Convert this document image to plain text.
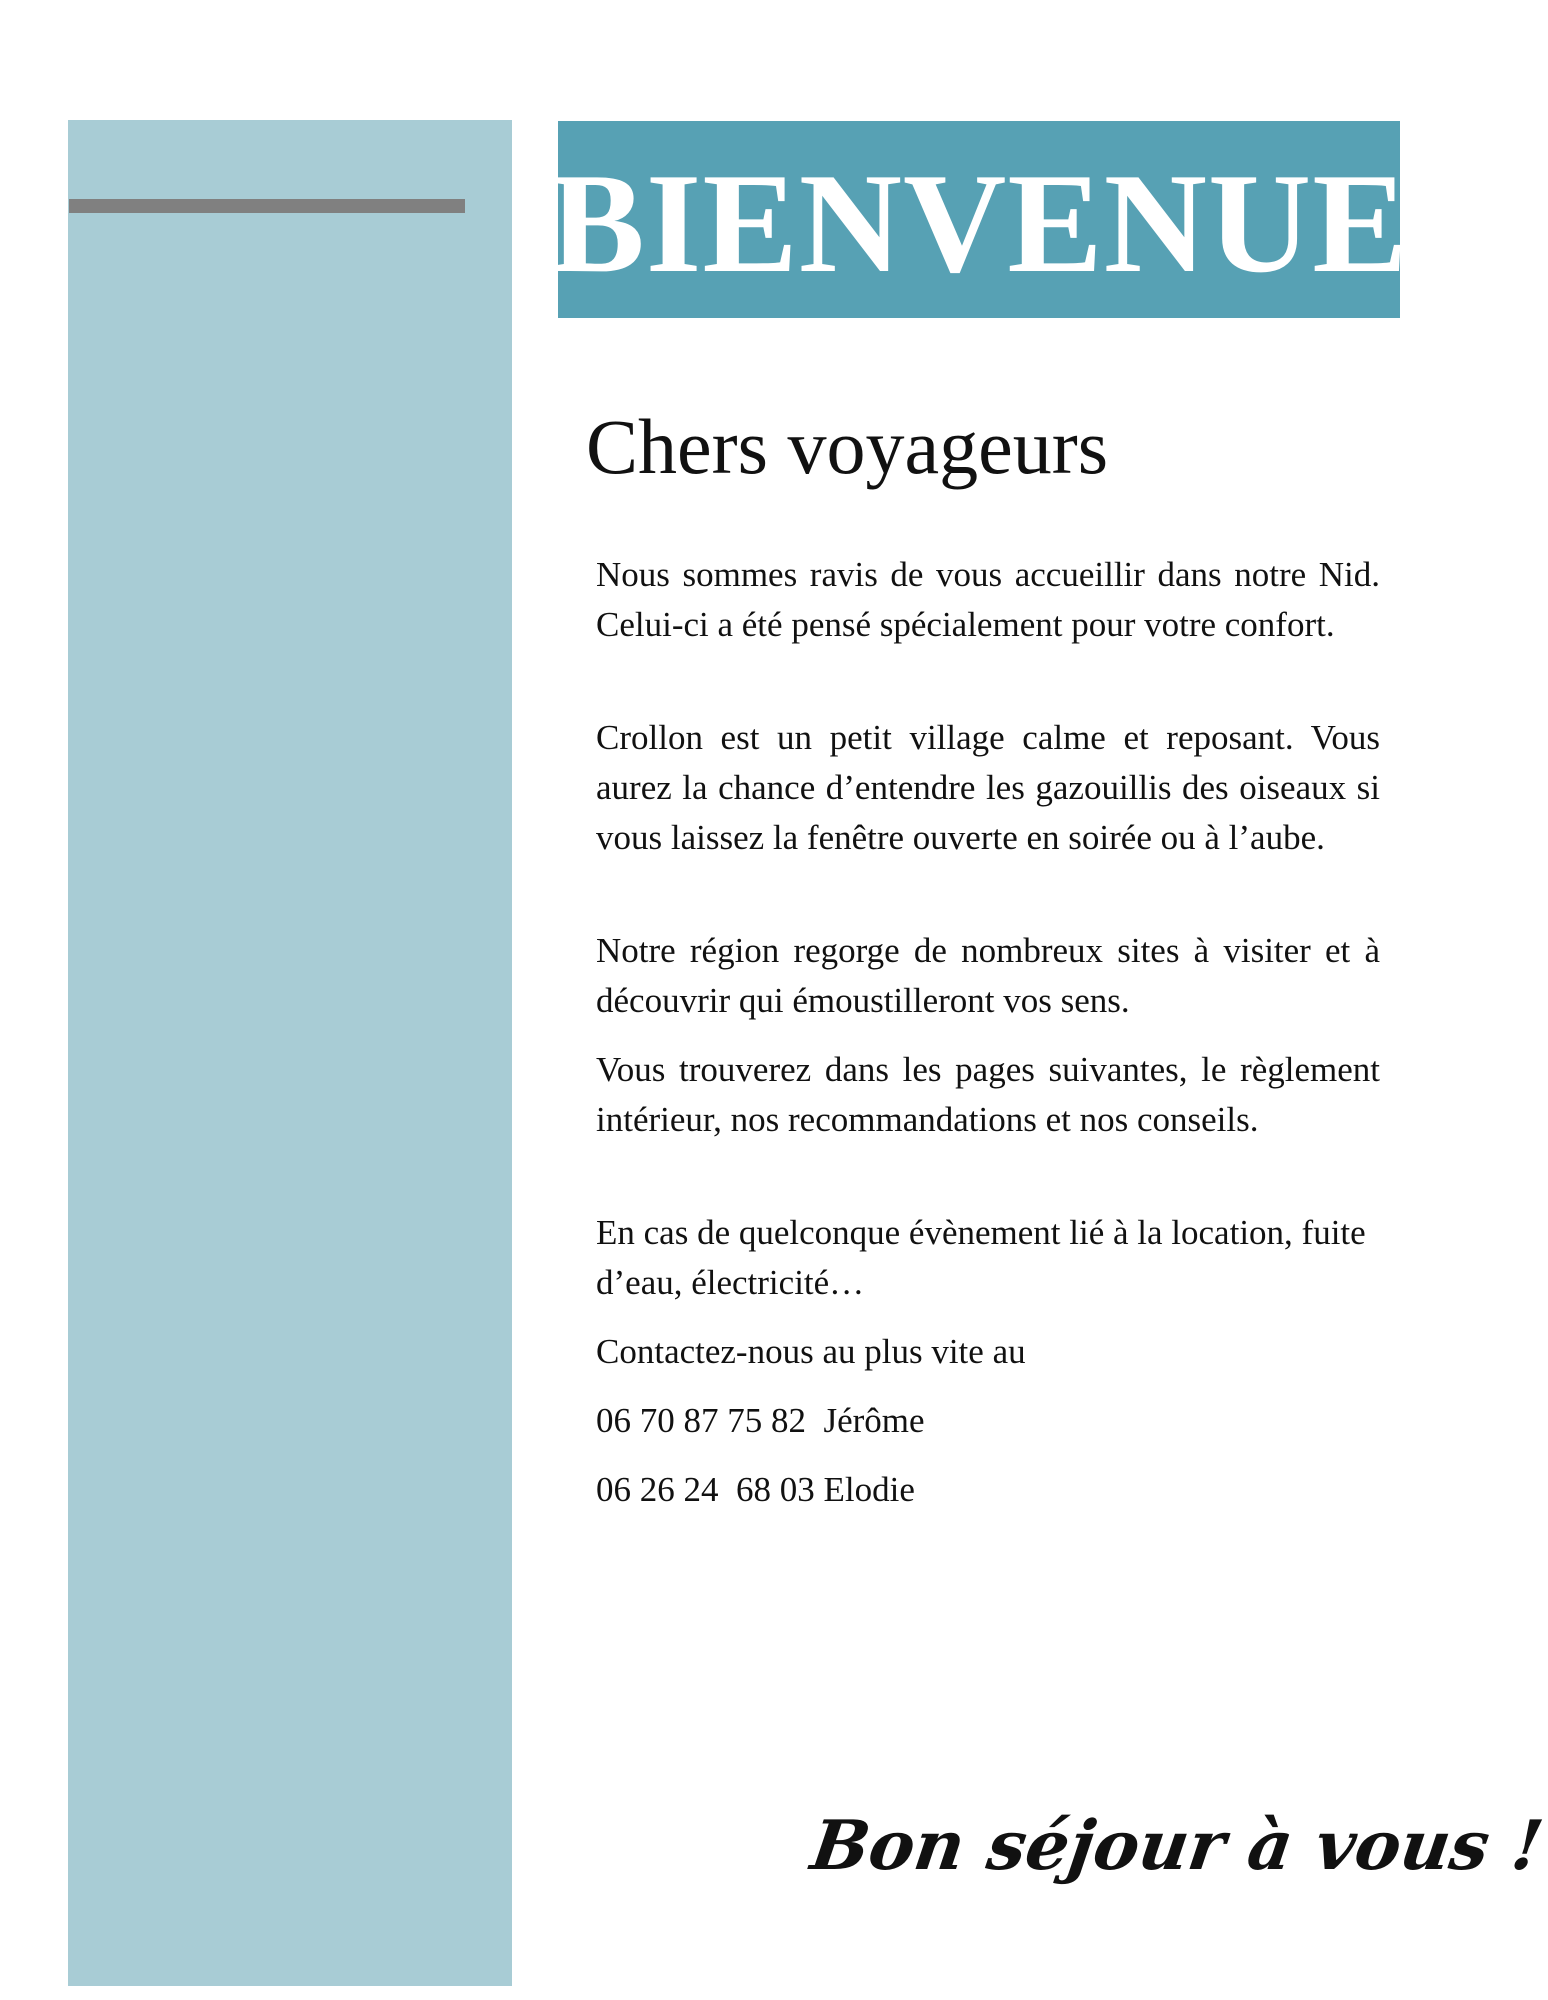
BIENVENUE
Chers voyageurs

Nous sommes ravis de vous accueillir dans notre Nid. Celui-ci a été pensé spécialement pour votre confort.

Crollon est un petit village calme et reposant. Vous aurez la chance d’entendre les gazouillis des oiseaux si vous laissez la fenêtre ouverte en soirée ou à l’aube.

Notre région regorge de nombreux sites à visiter et à découvrir qui émoustilleront vos sens.

Vous trouverez dans les pages suivantes, le règlement intérieur, nos recommandations et nos conseils.

En cas de quelconque évènement lié à la location, fuite d’eau, électricité…

Contactez-nous au plus vite au

06 70 87 75 82  Jérôme

06 26 24  68 03 Elodie

Bon séjour à vous !
